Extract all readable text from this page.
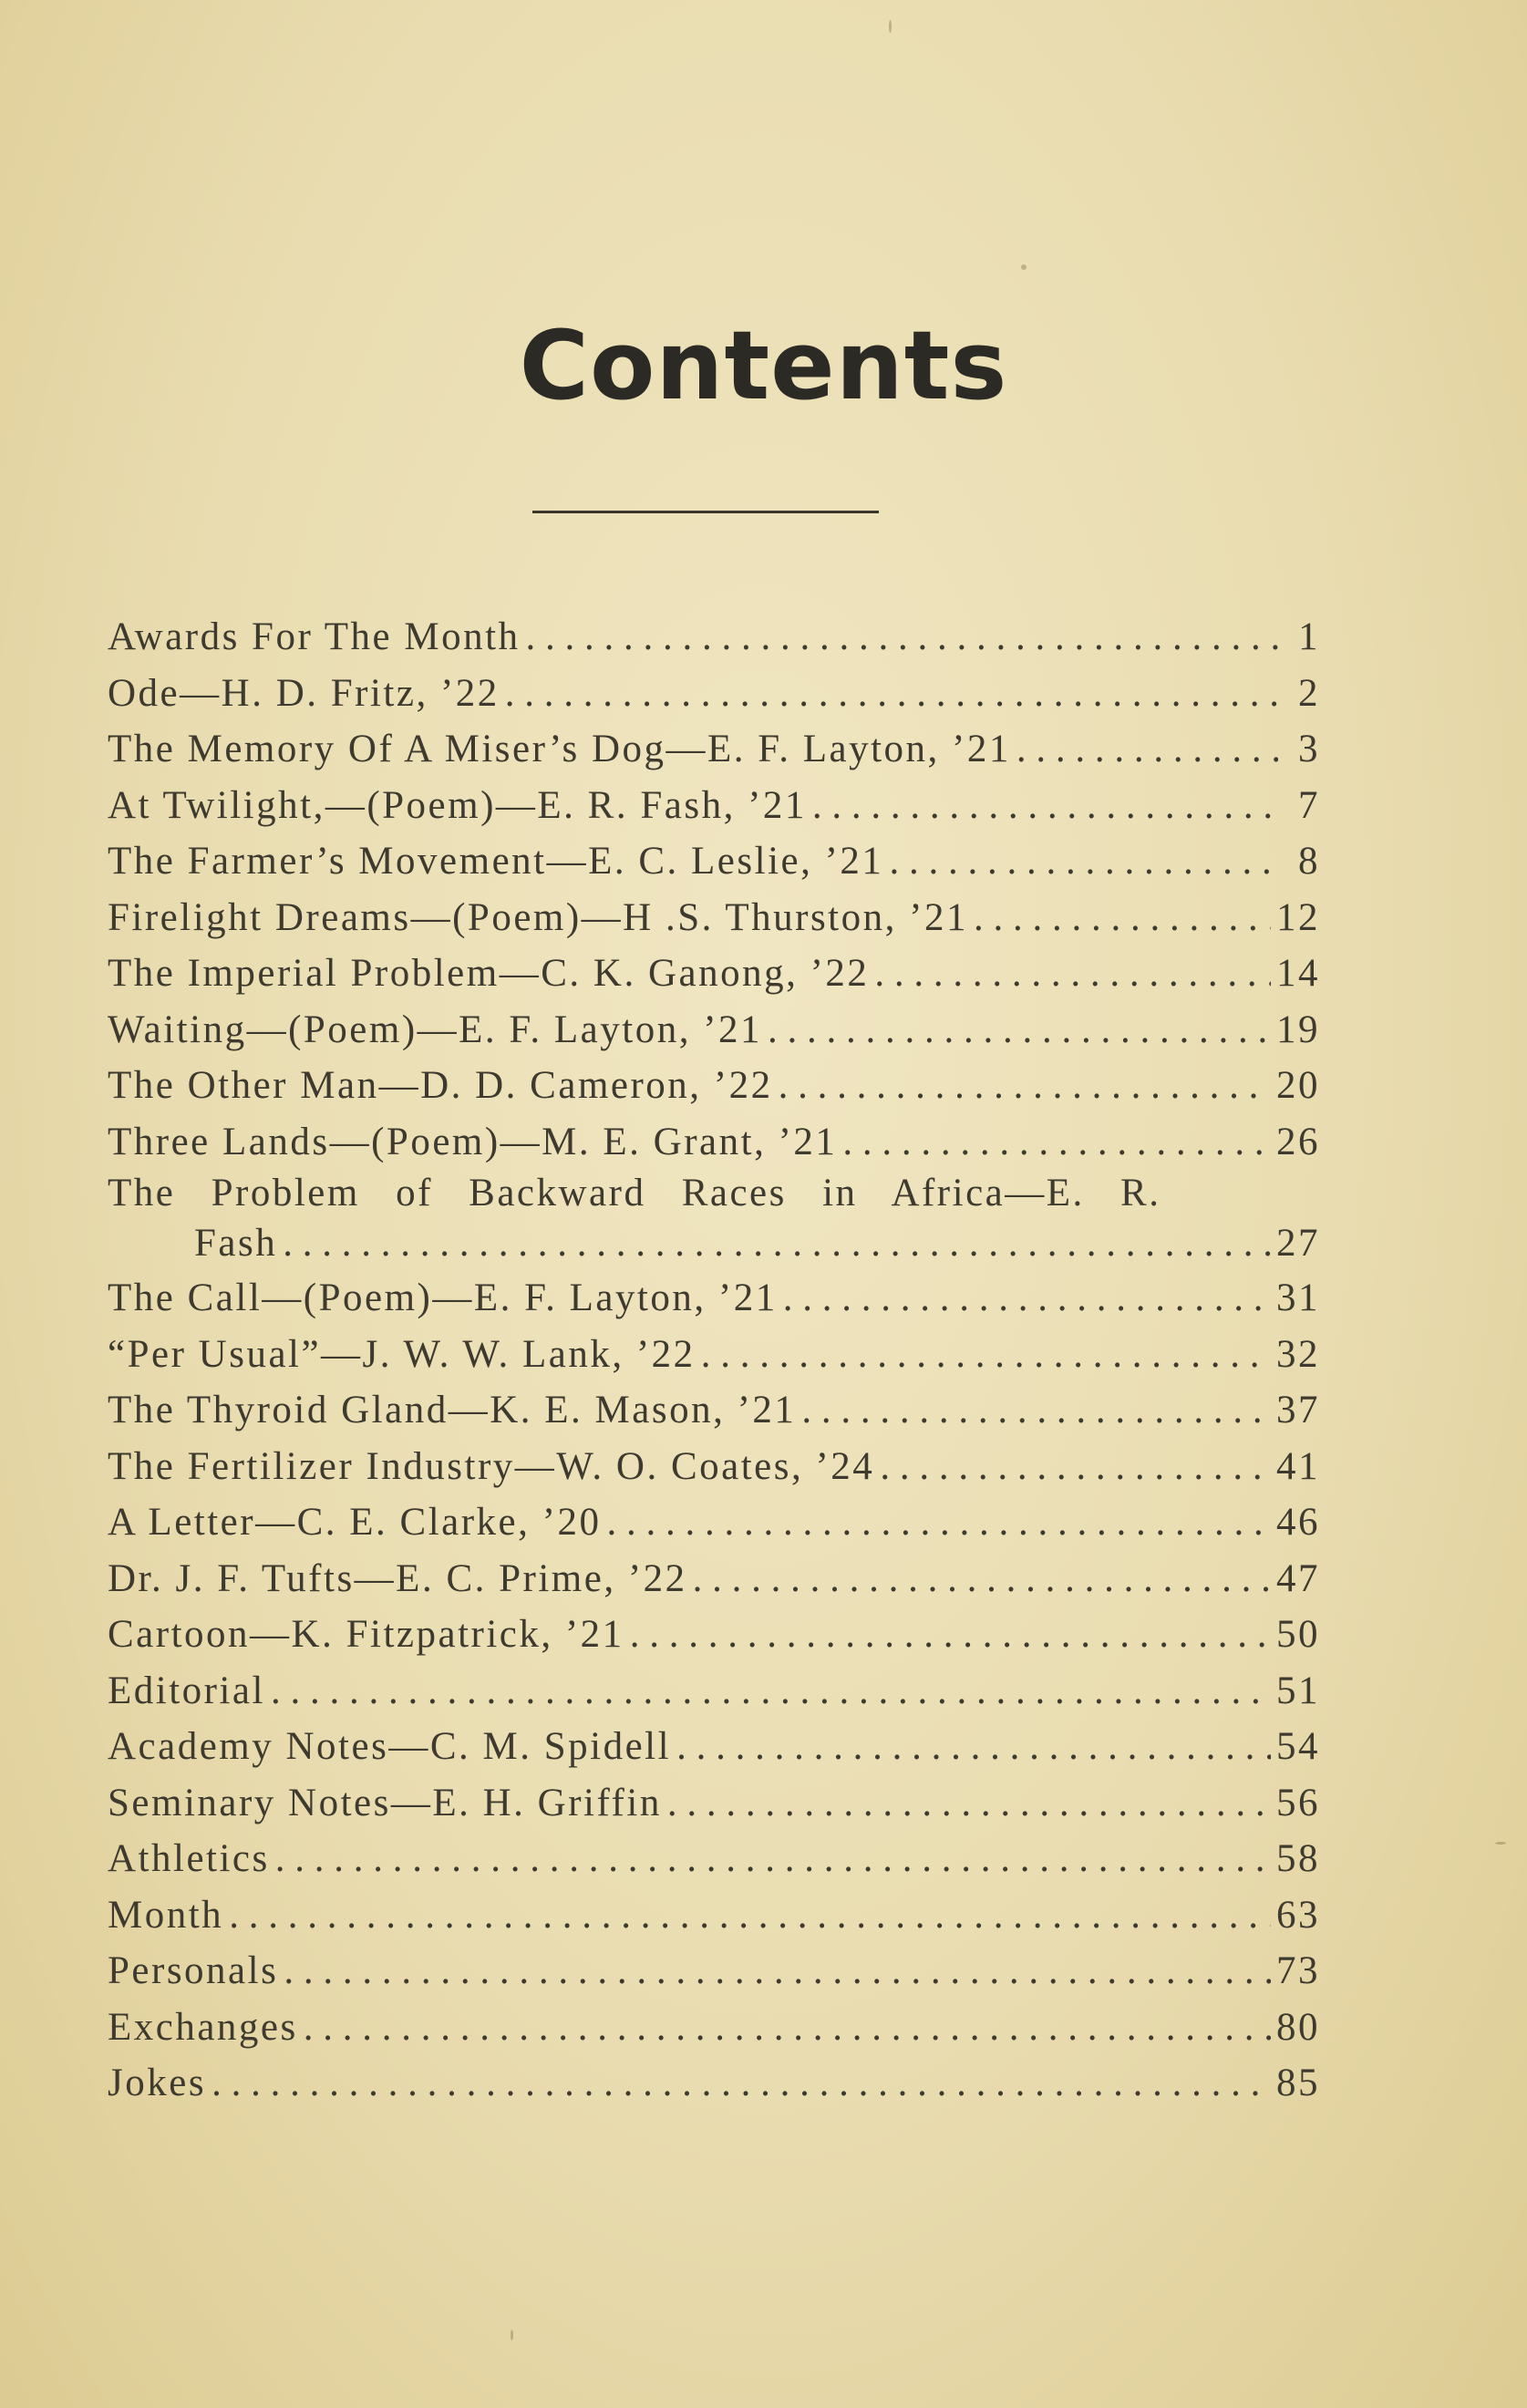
Contents
Awards For The Month . . .	1
Ode—H. D. Fritz, ’22 . . .	2
The Memory Of A Miser’s Dog—E. F. Layton, ’21 . . .	3
At Twilight,—(Poem)—E. R. Fash, ’21 . . .	7
The Farmer’s Movement—E. C. Leslie, ’21 . . .	8
Firelight Dreams—(Poem)—H .S. Thurston, ’21 . . .	12
The Imperial Problem—C. K. Ganong, ’22 . . .	14
Waiting—(Poem)—E. F. Layton, ’21 . . .	19
The Other Man—D. D. Cameron, ’22 . . .	20
Three Lands—(Poem)—M. E. Grant, ’21 . . .	26
The Problem of Backward Races in Africa—E. R.
Fash . . .	27
The Call—(Poem)—E. F. Layton, ’21 . . .	31
“Per Usual”—J. W. W. Lank, ’22 . . .	32
The Thyroid Gland—K. E. Mason, ’21 . . .	37
The Fertilizer Industry—W. O. Coates, ’24 . . .	41
A Letter—C. E. Clarke, ’20 . . .	46
Dr. J. F. Tufts—E. C. Prime, ’22 . . .	47
Cartoon—K. Fitzpatrick, ’21 . . .	50
Editorial . . .	51
Academy Notes—C. M. Spidell . . .	54
Seminary Notes—E. H. Griffin . . .	56
Athletics . . .	58
Month . . .	63
Personals . . .	73
Exchanges . . .	80
Jokes . . .	85
